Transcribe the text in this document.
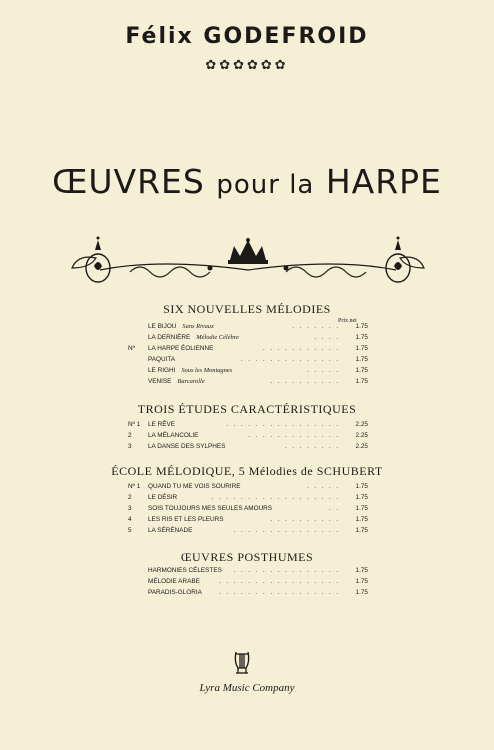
Félix GODEFROID
✿✿✿✿✿✿
ŒUVRES pour la HARPE
SIX NOUVELLES MÉLODIES
Prix net
LE BIJOU Sans Rivaux	. . . . . . .	1.75
LA DERNIÈRE Mélodie Célèbre	. . . .	1.75
Nº LA HARPE ÉOLIENNE	. . . . . . . . . . .	1.75
PAQUITA	. . . . . . . . . . . . . .	1.75
LE RIGHI Sous les Montagnes	. . . . .	1.75
VENISE Barcarolle	. . . . . . . . . .	1.75
TROIS ÉTUDES CARACTÉRISTIQUES
Nº 1 LE RÊVE	. . . . . . . . . . . . . . . .	2.25
2	LA MÉLANCOLIE	. . . . . . . . . . . . .	2.25
3	LA DANSE DES SYLPHES	. . . . . . . .	2.25
ÉCOLE MÉLODIQUE, 5 Mélodies de SCHUBERT
Nº 1 QUAND TU ME VOIS SOURIRE	. . . . .	1.75
2	LE DÉSIR	. . . . . . . . . . . . . . . . . .	1.75
3	SOIS TOUJOURS MES SEULES AMOURS	. .	1.75
4	LES RIS ET LES PLEURS	. . . . . . . . . .	1.75
5	LA SÉRÉNADE	. . . . . . . . . . . . . . .	1.75
ŒUVRES POSTHUMES
HARMONIES CÉLESTES . . . . . . . . . . . . . . .	1.75
MÉLODIE ARABE	. . . . . . . . . . . . . . . . .	1.75
PARADIS-GLORIA	. . . . . . . . . . . . . . . . .	1.75
Lyra Music Company
